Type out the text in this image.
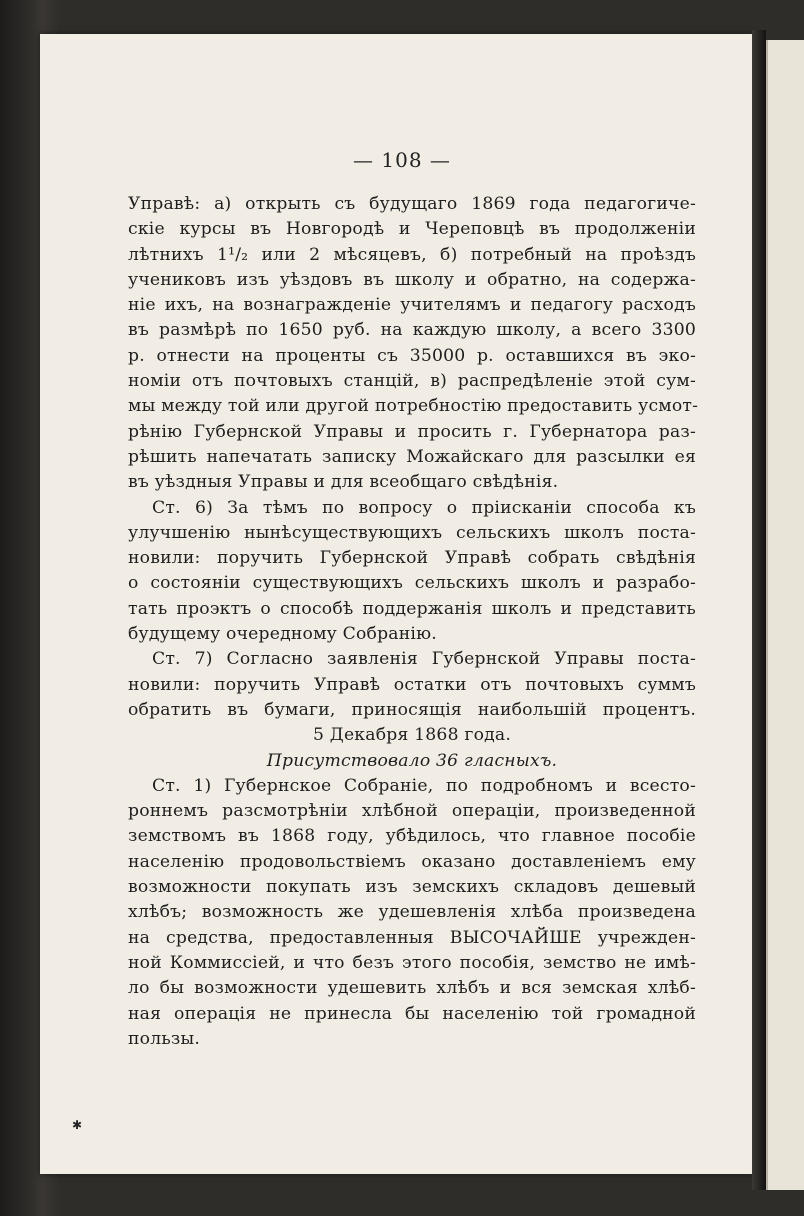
— 108 —
Управѣ: а) открыть съ будущаго 1869 года педагогиче-
скіе курсы въ Новгородѣ и Череповцѣ въ продолженіи
лѣтнихъ 1¹/₂ или 2 мѣсяцевъ, б) потребный на проѣздъ
учениковъ изъ уѣздовъ въ школу и обратно, на содержа-
ніе ихъ, на вознагражденіе учителямъ и педагогу расходъ
въ размѣрѣ по 1650 руб. на каждую школу, а всего 3300
р. отнести на проценты съ 35000 р. оставшихся въ эко-
номіи отъ почтовыхъ станцій, в) распредѣленіе этой сум-
мы между той или другой потребностію предоставить усмот-
рѣнію Губернской Управы и просить г. Губернатора раз-
рѣшить напечатать записку Можайскаго для разсылки ея
въ уѣздныя Управы и для всеобщаго свѣдѣнія.
Ст. 6) За тѣмъ по вопросу о пріисканіи способа къ
улучшенію нынѣсуществующихъ сельскихъ школъ постa-
новили: поручить Губернской Управѣ собрать свѣдѣнія
о состояніи существующихъ сельскихъ школъ и разрабо-
тать проэктъ о способѣ поддержанія школъ и представить
будущему очередному Собранію.
Ст. 7) Согласно заявленія Губернской Управы постa-
новили: поручить Управѣ остатки отъ почтовыхъ суммъ
обратить въ бумаги, приносящія наибольшій процентъ.
5 Декабря 1868 года.
Присутствовало 36 гласныхъ.
Ст. 1) Губернское Собраніе, по подробномъ и всесто-
роннемъ разсмотрѣніи хлѣбной операціи, произведенной
земствомъ въ 1868 году, убѣдилось, что главное пособіе
населенію продовольствіемъ оказано доставленіемъ ему
возможности покупать изъ земскихъ складовъ дешевый
хлѣбъ; возможность же удешевленія хлѣба произведена
на средства, предоставленныя ВЫСОЧАЙШЕ учрежден-
ной Коммиссіей, и что безъ этого пособія, земство не имѣ-
ло бы возможности удешевить хлѣбъ и вся земская хлѣб-
ная операція не принесла бы населенію той громадной
пользы.
✱
